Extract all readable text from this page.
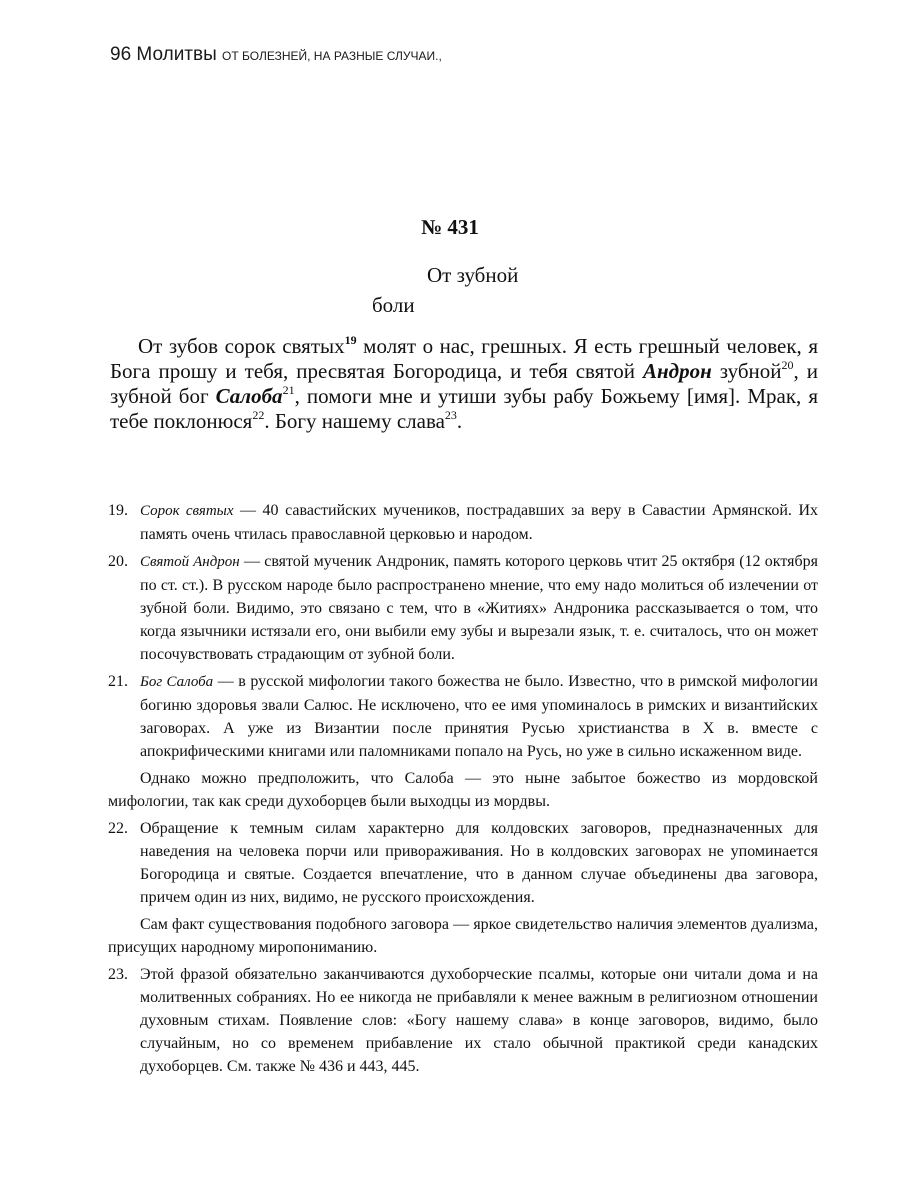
96 Молитвы ОТ БОЛЕЗНЕЙ, НА РАЗНЫЕ СЛУЧАИ.,
№ 431
От зубной
боли

От зубов сорок святых$^{19}$ молят о нас, грешных. Я есть грешный человек, я Бога прошу и тебя, пресвятая Богородица, и тебя святой Андрон зубной$^{20}$, и зубной бог Салоба$^{21}$, помоги мне и утиши зубы рабу Божьему [имя]. Мрак, я тебе поклонюся$^{22}$. Богу нашему слава$^{23}$.

19. Сорок святых — 40 савастийских мучеников, пострадавших за веру в Савастии Армянской. Их память очень чтилась православной церковью и народом.
20. Святой Андрон — святой мученик Андроник, память которого церковь чтит 25 октября (12 октября по ст. ст.). В русском народе было распространено мнение, что ему надо молиться об излечении от зубной боли. Видимо, это связано с тем, что в «Житиях» Андроника рассказывается о том, что когда язычники истязали его, они выбили ему зубы и вырезали язык, т. е. считалось, что он может посочувствовать страдающим от зубной боли.
21. Бог Салоба — в русской мифологии такого божества не было. Известно, что в римской мифологии богиню здоровья звали Салюс. Не исключено, что ее имя упоминалось в римских и византийских заговорах. А уже из Византии после принятия Русью христианства в X в. вместе с апокрифическими книгами или паломниками попало на Русь, но уже в сильно искаженном виде.

Однако можно предположить, что Салоба — это ныне забытое божество из мордовской мифологии, так как среди духоборцев были выходцы из мордвы.

22. Обращение к темным силам характерно для колдовских заговоров, предназначенных для наведения на человека порчи или привораживания. Но в колдовских заговорах не упоминается Богородица и святые. Создается впечатление, что в данном случае объединены два заговора, причем один из них, видимо, не русского происхождения.

Сам факт существования подобного заговора — яркое свидетельство наличия элементов дуализма, присущих народному миропониманию.

23. Этой фразой обязательно заканчиваются духоборческие псалмы, которые они читали дома и на молитвенных собраниях. Но ее никогда не прибавляли к менее важным в религиозном отношении духовным стихам. Появление слов: «Богу нашему слава» в конце заговоров, видимо, было случайным, но со временем прибавление их стало обычной практикой среди канадских духоборцев. См. также № 436 и 443, 445.
